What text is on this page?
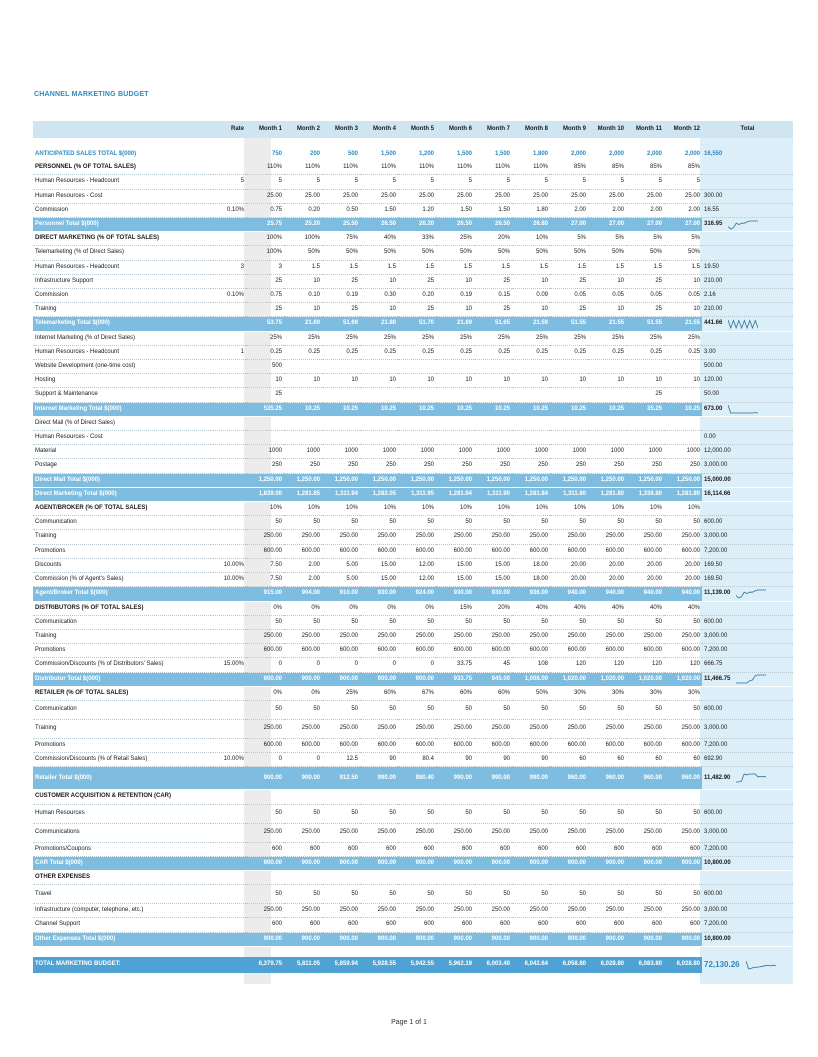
CHANNEL MARKETING BUDGET
	Rate	Month 1	Month 2	Month 3	Month 4	Month 5	Month 6	Month 7	Month 8	Month 9	Month 10	Month 11	Month 12	Total

ANTICIPATED SALES TOTAL $(000)		750	200	500	1,500	1,200	1,500	1,500	1,800	2,000	2,000	2,000	2,000	16,550

PERSONNEL (% OF TOTAL SALES)		110%	110%	110%	110%	110%	110%	110%	110%	85%	85%	85%	85%	

Human Resources - Headcount	5	5	5	5	5	5	5	5	5	5	5	5	5	

Human Resources - Cost		25.00	25.00	25.00	25.00	25.00	25.00	25.00	25.00	25.00	25.00	25.00	25.00	300.00

Commission	0.10%	0.75	0.20	0.50	1.50	1.20	1.50	1.50	1.80	2.00	2.00	2.00	2.00	16.55

Personnel Total $(000)		25.75	25.20	25.50	26.50	26.20	26.50	26.50	26.80	27.00	27.00	27.00	27.00	316.95

DIRECT MARKETING (% OF TOTAL SALES)		100%	100%	75%	40%	33%	25%	20%	10%	5%	5%	5%	5%	

Telemarketing (% of Direct Sales)		100%	50%	50%	50%	50%	50%	50%	50%	50%	50%	50%	50%	

Human Resources - Headcount	3	3	1.5	1.5	1.5	1.5	1.5	1.5	1.5	1.5	1.5	1.5	1.5	19.50

Infrastructure Support		25	10	25	10	25	10	25	10	25	10	25	10	210.00

Commission	0.10%	0.75	0.10	0.19	0.30	0.20	0.19	0.15	0.09	0.05	0.05	0.05	0.05	2.16

Training		25	10	25	10	25	10	25	10	25	10	25	10	210.00

Telemarketing Total $(000)		53.75	21.60	51.69	21.80	51.70	21.69	51.65	21.59	51.55	21.55	51.55	21.55	441.66

Internet Marketing (% of Direct Sales)		25%	25%	25%	25%	25%	25%	25%	25%	25%	25%	25%	25%	

Human Resources - Headcount	1	0.25	0.25	0.25	0.25	0.25	0.25	0.25	0.25	0.25	0.25	0.25	0.25	3.00

Website Development (one-time cost)		500												500.00

Hosting		10	10	10	10	10	10	10	10	10	10	10	10	120.00

Support & Maintenance		25										25		50.00

Internet Marketing Total $(000)		535.25	10.25	10.25	10.25	10.25	10.25	10.25	10.25	10.25	10.25	35.25	10.25	673.00

Direct Mail (% of Direct Sales)														

Human Resources - Cost														0.00

Material		1000	1000	1000	1000	1000	1000	1000	1000	1000	1000	1000	1000	12,000.00

Postage		250	250	250	250	250	250	250	250	250	250	250	250	3,000.00

Direct Mail Total $(000)		1,250.00	1,250.00	1,250.00	1,250.00	1,250.00	1,250.00	1,250.00	1,250.00	1,250.00	1,250.00	1,250.00	1,250.00	15,000.00

Direct Marketing Total $(000)		1,839.00	1,281.85	1,311.94	1,282.05	1,311.95	1,281.94	1,311.90	1,281.84	1,311.80	1,281.80	1,336.80	1,281.80	16,114.66

AGENT/BROKER (% OF TOTAL SALES)		10%	10%	10%	10%	10%	10%	10%	10%	10%	10%	10%	10%	

Communication		50	50	50	50	50	50	50	50	50	50	50	50	600.00

Training		250.00	250.00	250.00	250.00	250.00	250.00	250.00	250.00	250.00	250.00	250.00	250.00	3,000.00

Promotions		600.00	600.00	600.00	600.00	600.00	600.00	600.00	600.00	600.00	600.00	600.00	600.00	7,200.00

Discounts	10.00%	7.50	2.00	5.00	15.00	12.00	15.00	15.00	18.00	20.00	20.00	20.00	20.00	169.50

Commission (% of Agent's Sales)	10.00%	7.50	2.00	5.00	15.00	12.00	15.00	15.00	18.00	20.00	20.00	20.00	20.00	169.50

Agent/Broker Total $(000)		915.00	904.00	910.00	930.00	924.00	930.00	930.00	936.00	940.00	940.00	940.00	940.00	11,139.00

DISTRIBUTORS (% OF TOTAL SALES)		0%	0%	0%	0%	0%	15%	20%	40%	40%	40%	40%	40%	

Communication		50	50	50	50	50	50	50	50	50	50	50	50	600.00

Training		250.00	250.00	250.00	250.00	250.00	250.00	250.00	250.00	250.00	250.00	250.00	250.00	3,000.00

Promotions		600.00	600.00	600.00	600.00	600.00	600.00	600.00	600.00	600.00	600.00	600.00	600.00	7,200.00

Commission/Discounts (% of Distributors' Sales)	15.00%	0	0	0	0	0	33.75	45	108	120	120	120	120	666.75

Distributor Total $(000)		900.00	900.00	900.00	900.00	900.00	933.75	945.00	1,008.00	1,020.00	1,020.00	1,020.00	1,020.00	11,466.75

RETAILER (% OF TOTAL SALES)		0%	0%	25%	60%	67%	60%	60%	50%	30%	30%	30%	30%	

Communication		50	50	50	50	50	50	50	50	50	50	50	50	600.00

Training		250.00	250.00	250.00	250.00	250.00	250.00	250.00	250.00	250.00	250.00	250.00	250.00	3,000.00

Promotions		600.00	600.00	600.00	600.00	600.00	600.00	600.00	600.00	600.00	600.00	600.00	600.00	7,200.00

Commission/Discounts (% of Retail Sales)	10.00%	0	0	12.5	90	80.4	90	90	90	60	60	60	60	692.90

Retailer Total $(000)		900.00	900.00	912.50	990.00	980.40	990.00	990.00	990.00	960.00	960.00	960.00	960.00	11,482.90

CUSTOMER ACQUISITION & RETENTION (CAR)														

Human Resources		50	50	50	50	50	50	50	50	50	50	50	50	600.00

Communications		250.00	250.00	250.00	250.00	250.00	250.00	250.00	250.00	250.00	250.00	250.00	250.00	3,000.00

Promotions/Coupons		600	600	600	600	600	600	600	600	600	600	600	600	7,200.00

CAR Total $(000)		900.00	900.00	900.00	900.00	900.00	900.00	900.00	900.00	900.00	900.00	900.00	900.00	10,800.00

OTHER EXPENSES														

Travel		50	50	50	50	50	50	50	50	50	50	50	50	600.00

Infrastructure (computer, telephone, etc.)		250.00	250.00	250.00	250.00	250.00	250.00	250.00	250.00	250.00	250.00	250.00	250.00	3,000.00

Channel Support		600	600	600	600	600	600	600	600	600	600	600	600	7,200.00

Other Expenses Total $(000)		900.00	900.00	900.00	900.00	900.00	900.00	900.00	900.00	900.00	900.00	900.00	900.00	10,800.00

TOTAL MARKETING BUDGET:		6,379.75	5,811.05	5,859.94	5,928.55	5,942.55	5,962.19	6,003.40	6,042.64	6,058.80	6,028.80	6,083.80	6,028.80	72,130.26
Page 1 of 1
